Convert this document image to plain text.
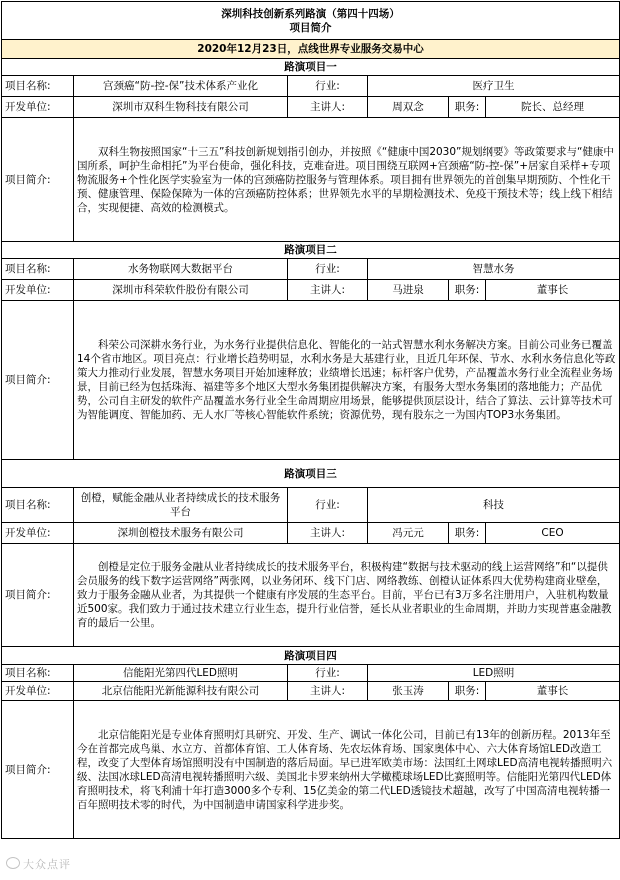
深圳科技创新系列路演（第四十四场）
项目简介					

2020年12月23日，点线世界专业服务交易中心					
路演项目一					
项目名称:	宫颈癌“防-控-保”技术体系产业化	行业:	医疗卫生		
开发单位:	深圳市双科生物科技有限公司	主讲人:	周双念	职务:	院长、总经理
项目简介:	双科生物按照国家“十三五”科技创新规划指引创办，并按照《“健康中国2030”规划纲要》等政策要求与“健康中国所系，呵护生命相托”为平台使命，强化科技，克难奋进。项目围绕互联网+宫颈癌“防-控-保”+居家自采样+专项物流服务+个性化医学实验室为一体的宫颈癌防控服务与管理体系。项目拥有世界领先的首创集早期预防、个性化干预、健康管理、保险保障为一体的宫颈癌防控体系；世界领先水平的早期检测技术、免疫干预技术等；线上线下相结合，实现便捷、高效的检测模式。				

路演项目二					
项目名称:	水务物联网大数据平台	行业:	智慧水务		
开发单位:	深圳市科荣软件股份有限公司	主讲人:	马进泉	职务:	董事长
项目简介:	科荣公司深耕水务行业，为水务行业提供信息化、智能化的一站式智慧水利水务解决方案。目前公司业务已覆盖14个省市地区。项目亮点：行业增长趋势明显，水利水务是大基建行业，且近几年环保、节水、水利水务信息化等政策大力推动行业发展，智慧水务项目开始加速释放；业绩增长迅速；标杆客户优势，产品覆盖水务行业全流程业务场景，目前已经为包括珠海、福建等多个地区大型水务集团提供解决方案，有服务大型水务集团的落地能力；产品优势，公司自主研发的软件产品覆盖水务行业全生命周期应用场景，能够提供顶层设计，结合了算法、云计算等技术可为智能调度、智能加药、无人水厂等核心智能软件系统；资源优势，现有股东之一为国内TOP3水务集团。				

路演项目三					
项目名称:	创橙，赋能金融从业者持续成长的技术服务平台	行业:	科技		
开发单位:	深圳创橙技术服务有限公司	主讲人:	冯元元	职务:	CEO
项目简介:	创橙是定位于服务金融从业者持续成长的技术服务平台，积极构建“数据与技术驱动的线上运营网络”和“以提供会员服务的线下数字运营网络”两张网，以业务闭环、线下门店、网络教练、创橙认证体系四大优势构建商业壁垒，致力于服务金融从业者，为其提供一个健康有序发展的生态平台。目前，平台已有3万多名注册用户，入驻机构数量近500家。我们致力于通过技术建立行业生态，提升行业信誉，延长从业者职业的生命周期，并助力实现普惠金融教育的最后一公里。				

路演项目四					
项目名称:	信能阳光第四代LED照明	行业:	LED照明		
开发单位:	北京信能阳光新能源科技有限公司	主讲人:	张玉涛	职务:	董事长
项目简介:	北京信能阳光是专业体育照明灯具研究、开发、生产、调试一体化公司，目前已有13年的创新历程。2013年至今在首都完成鸟巢、水立方、首都体育馆、工人体育场、先农坛体育场、国家奥体中心、六大体育场馆LED改造工程，改变了大型体育场馆照明没有中国制造的落后局面。早已进军欧美市场：法国红土网球LED高清电视转播照明六级、法国冰球LED高清电视转播照明六级、美国北卡罗来纳州大学橄榄球场LED比赛照明等。信能阳光第四代LED体育照明技术，将飞利浦十年打造3000多个专利、15亿美金的第二代LED透镜技术超越，改写了中国高清电视转播一百年照明技术零的时代，为中国制造申请国家科学进步奖。				

大众点评
